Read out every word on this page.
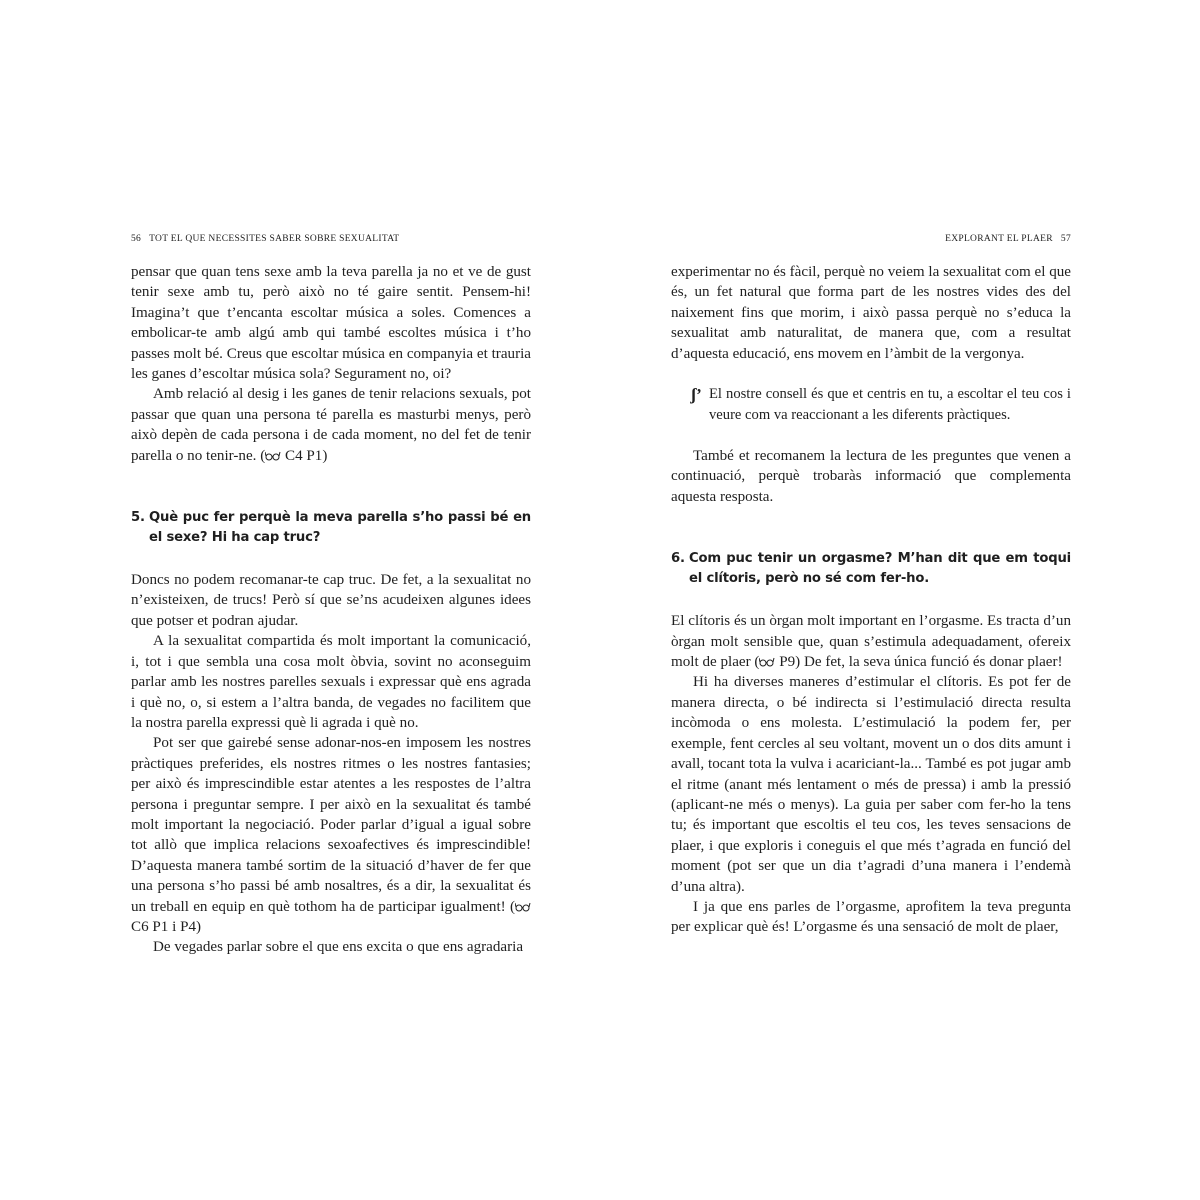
56 TOT EL QUE NECESSITES SABER SOBRE SEXUALITAT

pensar que quan tens sexe amb la teva parella ja no et ve de gust tenir sexe amb tu, però això no té gaire sentit. Pensem-hi! Imagina’t que t’encanta escoltar música a soles. Comences a embolicar-te amb algú amb qui també escoltes música i t’ho passes molt bé. Creus que escoltar música en companyia et trauria les ganes d’escoltar música sola? Segurament no, oi?

Amb relació al desig i les ganes de tenir relacions sexuals, pot passar que quan una persona té parella es masturbi menys, però això depèn de cada persona i de cada moment, no del fet de tenir parella o no tenir-ne. ( C4 P1)

5. Què puc fer perquè la meva parella s’ho passi bé en el sexe? Hi ha cap truc?

Doncs no podem recomanar-te cap truc. De fet, a la sexualitat no n’existeixen, de trucs! Però sí que se’ns acudeixen algunes idees que potser et podran ajudar.

A la sexualitat compartida és molt important la comunicació, i, tot i que sembla una cosa molt òbvia, sovint no aconseguim parlar amb les nostres parelles sexuals i expressar què ens agrada i què no, o, si estem a l’altra banda, de vegades no facilitem que la nostra parella expressi què li agrada i què no.

Pot ser que gairebé sense adonar-nos-en imposem les nostres pràctiques preferides, els nostres ritmes o les nostres fantasies; per això és imprescindible estar atentes a les respostes de l’altra persona i preguntar sempre. I per això en la sexualitat és també molt important la negociació. Poder parlar d’igual a igual sobre tot allò que implica relacions sexoafectives és imprescindible! D’aquesta manera també sortim de la situació d’haver de fer que una persona s’ho passi bé amb nosaltres, és a dir, la sexualitat és un treball en equip en què tothom ha de participar igualment! ( C6 P1 i P4)

De vegades parlar sobre el que ens excita o que ens agradaria

EXPLORANT EL PLAER 57

experimentar no és fàcil, perquè no veiem la sexualitat com el que és, un fet natural que forma part de les nostres vides des del naixement fins que morim, i això passa perquè no s’educa la sexualitat amb naturalitat, de manera que, com a resultat d’aquesta educació, ens movem en l’àmbit de la vergonya.

ʃ’ El nostre consell és que et centris en tu, a escoltar el teu cos i veure com va reaccionant a les diferents pràctiques.

També et recomanem la lectura de les preguntes que venen a continuació, perquè trobaràs informació que complementa aquesta resposta.

6. Com puc tenir un orgasme? M’han dit que em toqui el clítoris, però no sé com fer-ho.

El clítoris és un òrgan molt important en l’orgasme. Es tracta d’un òrgan molt sensible que, quan s’estimula adequadament, ofereix molt de plaer ( P9) De fet, la seva única funció és donar plaer!

Hi ha diverses maneres d’estimular el clítoris. Es pot fer de manera directa, o bé indirecta si l’estimulació directa resulta incòmoda o ens molesta. L’estimulació la podem fer, per exemple, fent cercles al seu voltant, movent un o dos dits amunt i avall, tocant tota la vulva i acariciant-la... També es pot jugar amb el ritme (anant més lentament o més de pressa) i amb la pressió (aplicant-ne més o menys). La guia per saber com fer-ho la tens tu; és important que escoltis el teu cos, les teves sensacions de plaer, i que exploris i coneguis el que més t’agrada en funció del moment (pot ser que un dia t’agradi d’una manera i l’endemà d’una altra).

I ja que ens parles de l’orgasme, aprofitem la teva pregunta per explicar què és! L’orgasme és una sensació de molt de plaer,
